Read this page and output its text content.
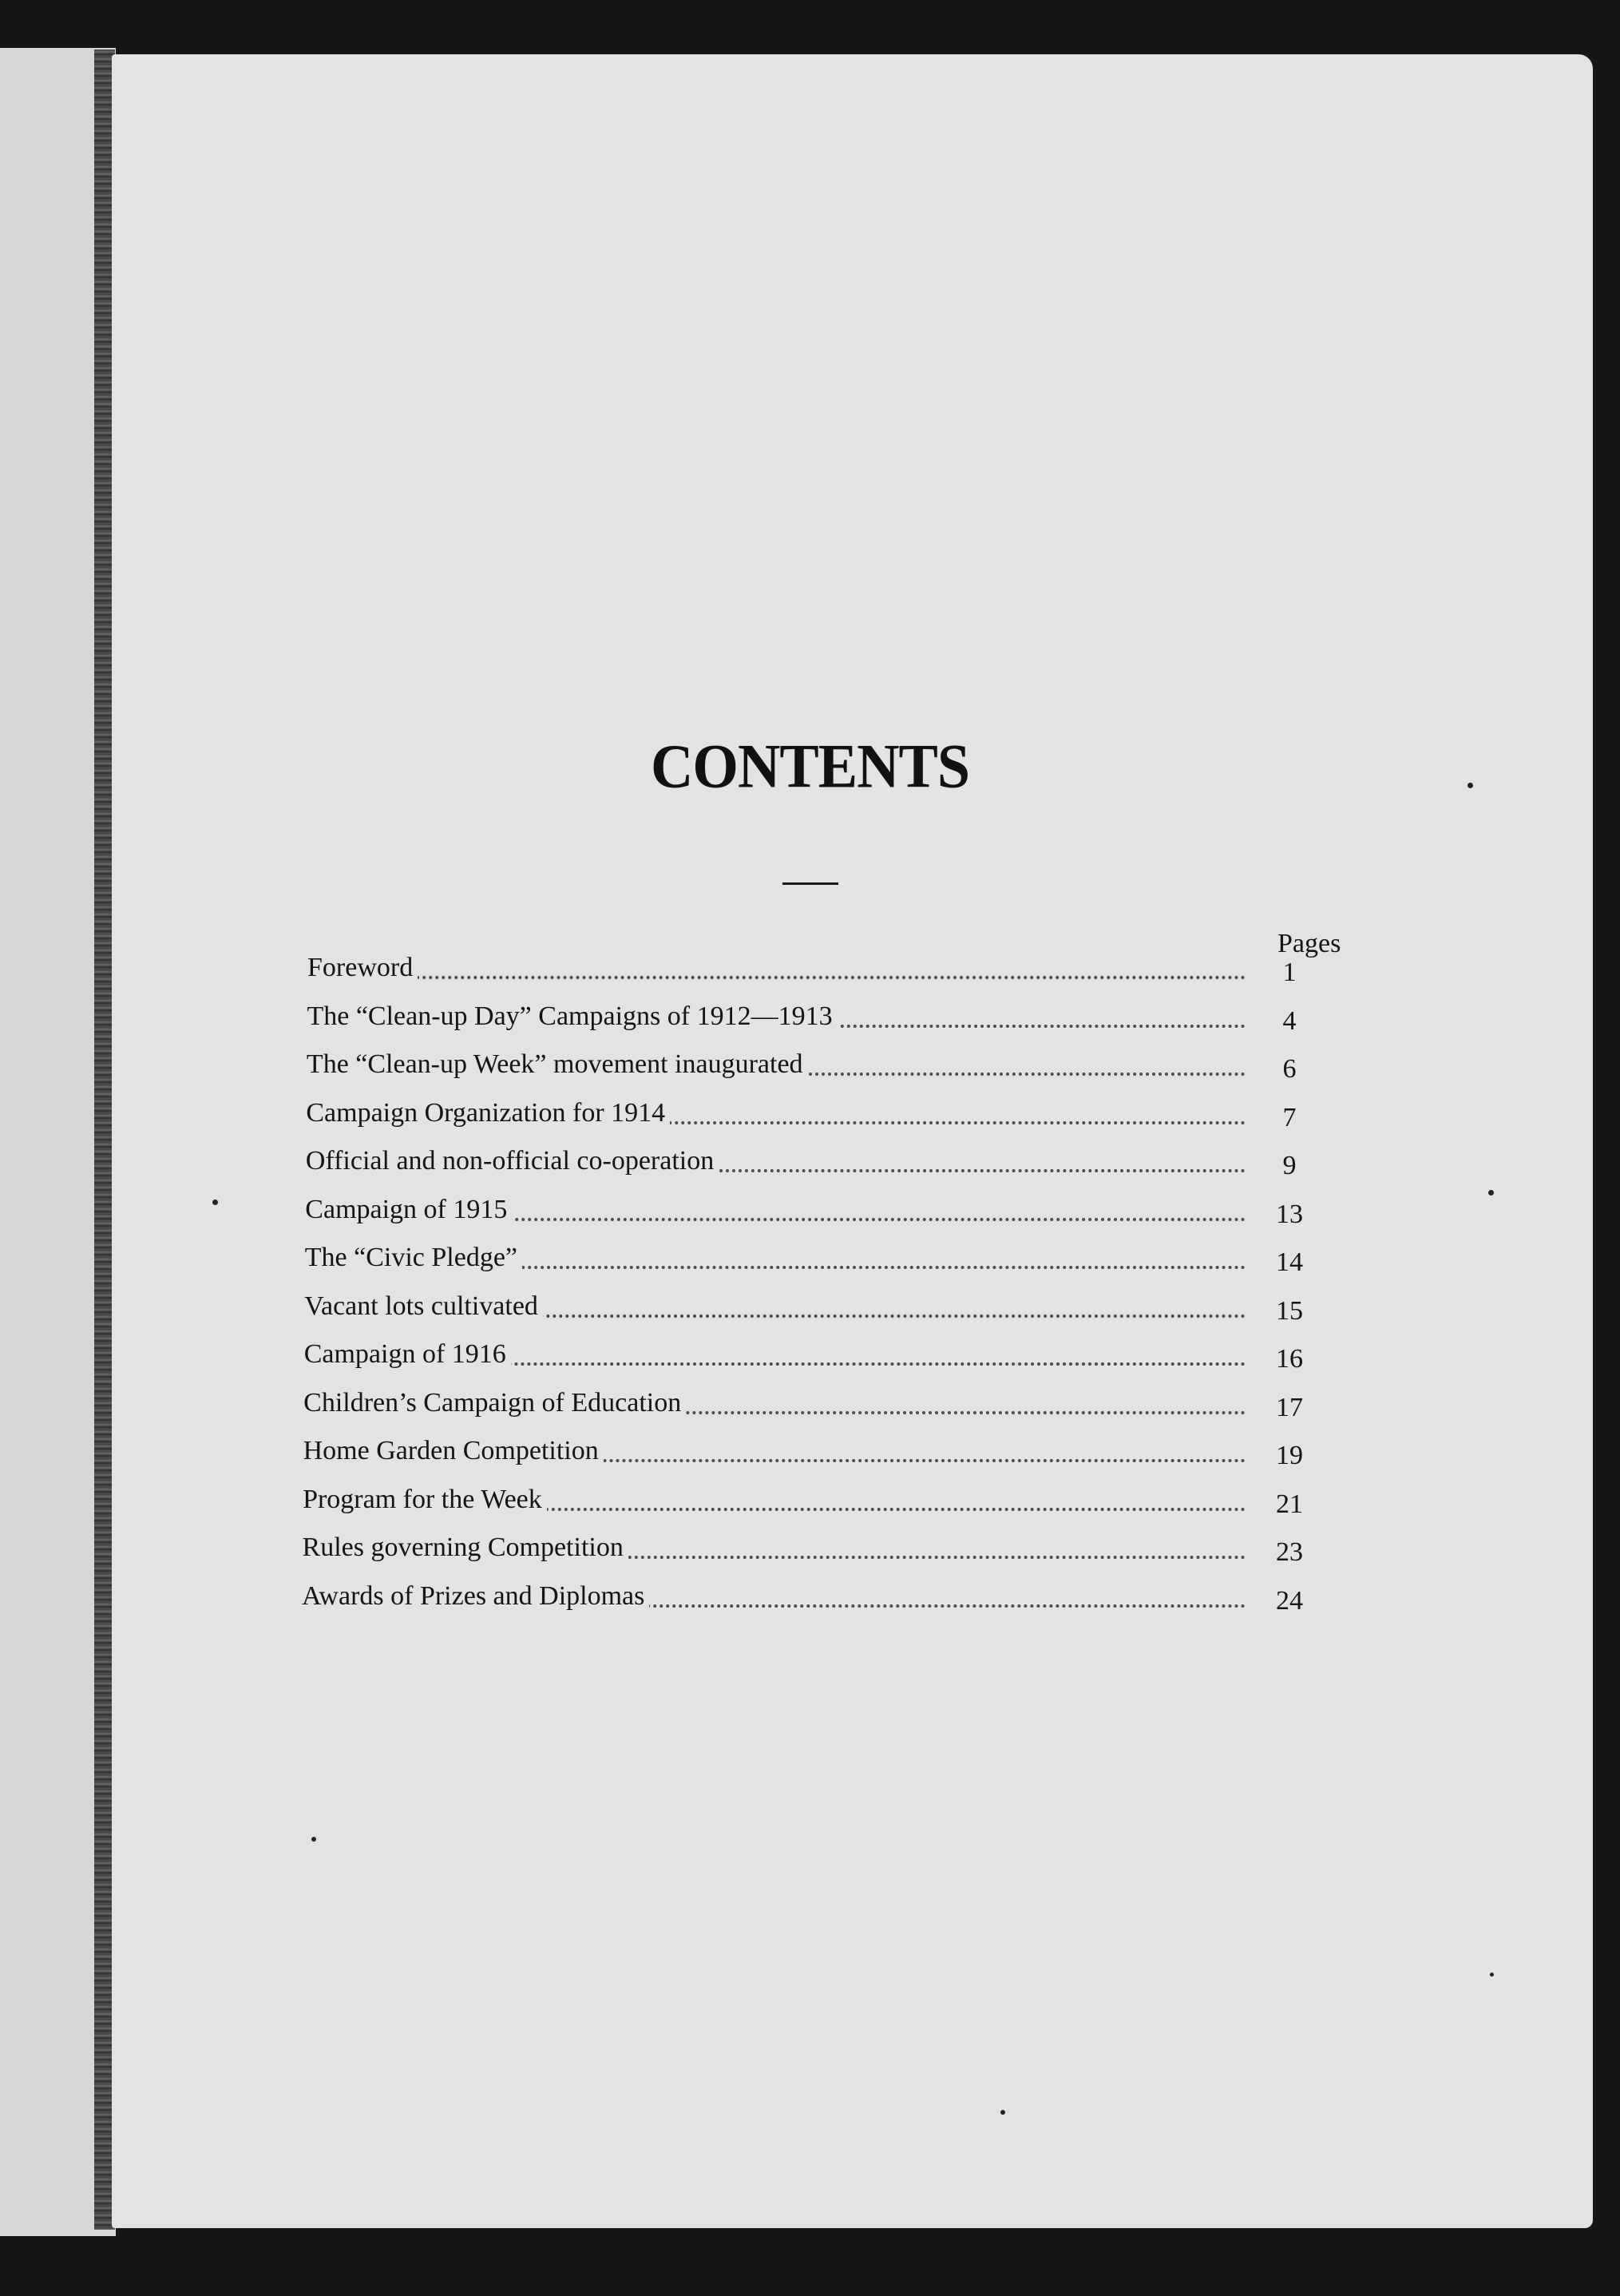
CONTENTS
Pages
Foreword	1
The “Clean-up Day” Campaigns of 1912—1913	4
The “Clean-up Week” movement inaugurated	6
Campaign Organization for 1914	7
Official and non-official co-operation	9
Campaign of 1915	13
The “Civic Pledge”	14
Vacant lots cultivated	15
Campaign of 1916	16
Children’s Campaign of Education	17
Home Garden Competition	19
Program for the Week	21
Rules governing Competition	23
Awards of Prizes and Diplomas	24
